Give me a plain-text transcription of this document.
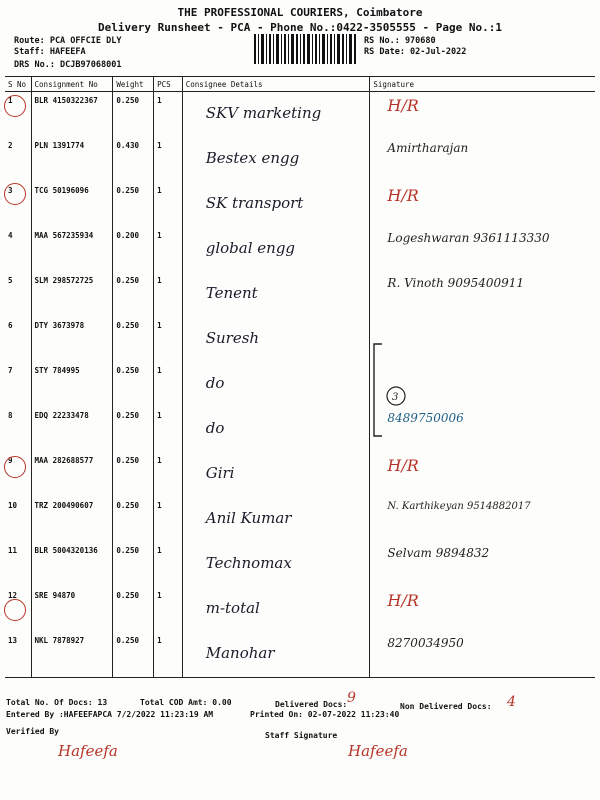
THE PROFESSIONAL COURIERS, Coimbatore
Delivery Runsheet - PCA - Phone No.:0422-3505555 - Page No.:1
Route: PCA OFFCIE DLY
Staff: HAFEEFA
DRS No.: DCJB97068001
RS No.: 970680
RS Date: 02-Jul-2022
S No	Consignment No	Weight	PCS	Consignee Details	Signature
1	BLR 4150322367	0.250	1	SKV marketing	H/R
2	PLN 1391774	0.430	1	Bestex engg	Amirtharajan
3	TCG 50196096	0.250	1	SK transport	H/R
4	MAA 567235934	0.200	1	global engg	Logeshwaran 9361113330
5	SLM 298572725	0.250	1	Tenent	R. Vinoth 9095400911
6	DTY 3673978	0.250	1	Suresh	
7	STY 784995	0.250	1	do	
8	EDQ 22233478	0.250	1	do	8489750006
9	MAA 282688577	0.250	1	Giri	H/R
10	TRZ 200490607	0.250	1	Anil Kumar	N. Karthikeyan 9514882017
11	BLR 5004320136	0.250	1	Technomax	Selvam 9894832
12	SRE 94870	0.250	1	m-total	H/R
13	NKL 7878927	0.250	1	Manohar	8270034950
3
Total No. Of Docs: 13	Total COD Amt: 0.00	Delivered Docs: 9
Non Delivered Docs: 4
Entered By :HAFEEFAPCA 7/2/2022 11:23:19 AM	Printed On: 02-07-2022 11:23:40
Verified By	Staff Signature
Hafeefa	Hafeefa
